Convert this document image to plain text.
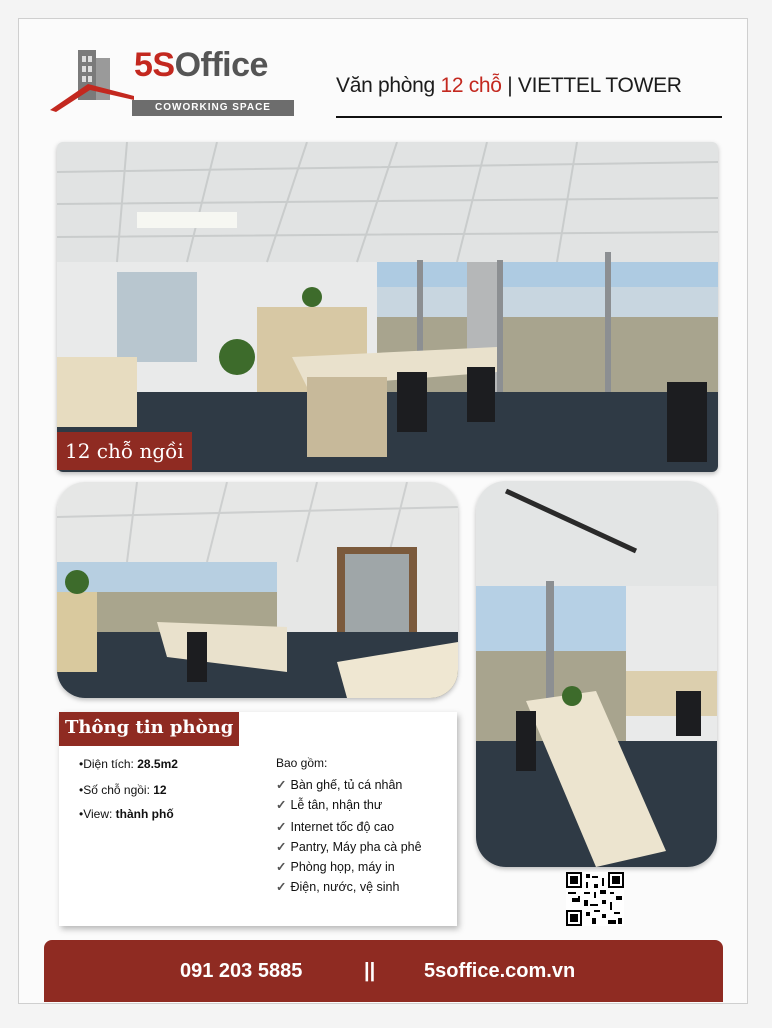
5SOffice
COWORKING SPACE
Văn phòng 12 chỗ | VIETTEL TOWER
12 chỗ ngồi
Thông tin phòng
•Diện tích: 28.5m2
•Số chỗ ngồi: 12
•View: thành phố
Bao gồm:
✓ Bàn ghế, tủ cá nhân
✓ Lễ tân, nhận thư
✓ Internet tốc độ cao
✓ Pantry, Máy pha cà phê
✓ Phòng họp, máy in
✓ Điện, nước, vệ sinh
091 203 5885	|| 5soffice.com.vn
